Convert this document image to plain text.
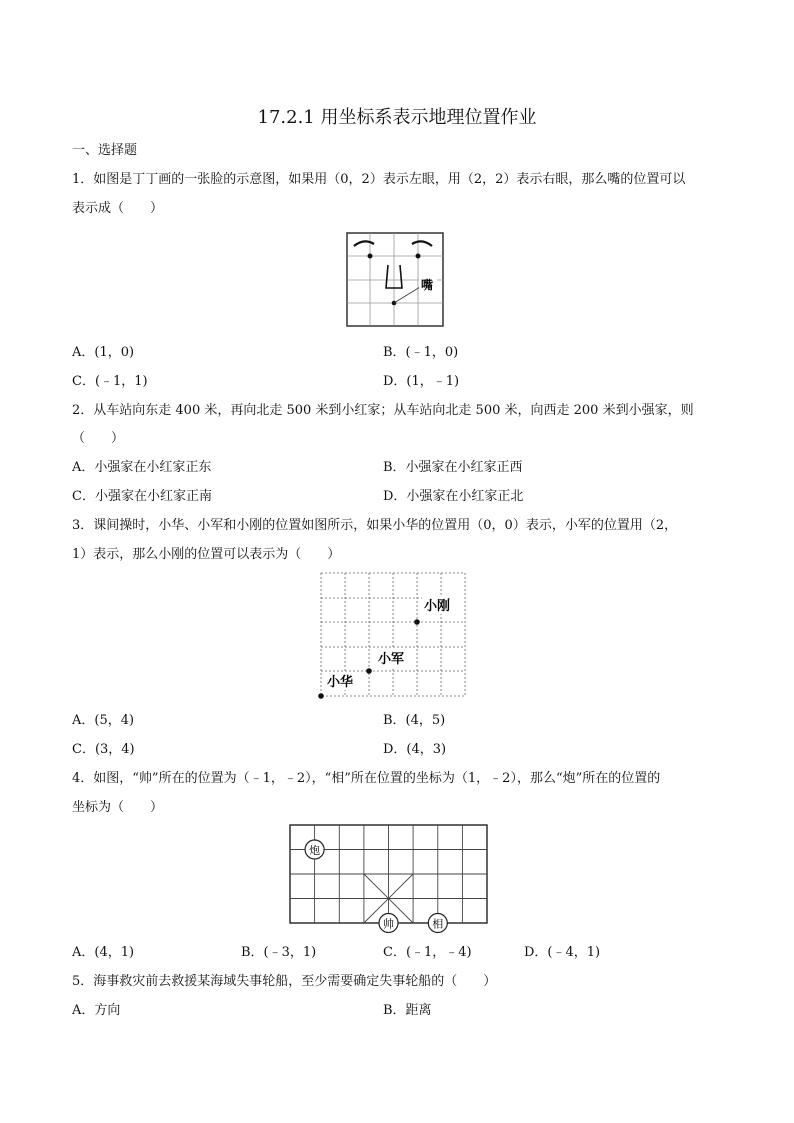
17.2.1 用坐标系表示地理位置作业
一、选择题
1．如图是丁丁画的一张脸的示意图，如果用（0，2）表示左眼，用（2，2）表示右眼，那么嘴的位置可以
表示成（　　）
嘴
A．(1，0)	B．(﹣1，0)
C．(﹣1，1)	D．(1，﹣1)
2．从车站向东走 400 米，再向北走 500 米到小红家；从车站向北走 500 米，向西走 200 米到小强家，则
（　　）
A．小强家在小红家正东	B．小强家在小红家正西
C．小强家在小红家正南	D．小强家在小红家正北
3．课间操时，小华、小军和小刚的位置如图所示，如果小华的位置用（0，0）表示，小军的位置用（2，
1）表示，那么小刚的位置可以表示为（　　）
小刚
小军
小华
A．(5，4)	B．(4，5)
C．(3，4)	D．(4，3)
4．如图，“帅”所在的位置为（﹣1，﹣2），“相”所在位置的坐标为（1，﹣2），那么“炮”所在的位置的
坐标为（　　）
炮
帅	相
A．(4，1)	B．(﹣3，1)	C．(﹣1，﹣4)	D．(﹣4，1)
5．海事救灾前去救援某海域失事轮船，至少需要确定失事轮船的（　　）
A．方向	B．距离
